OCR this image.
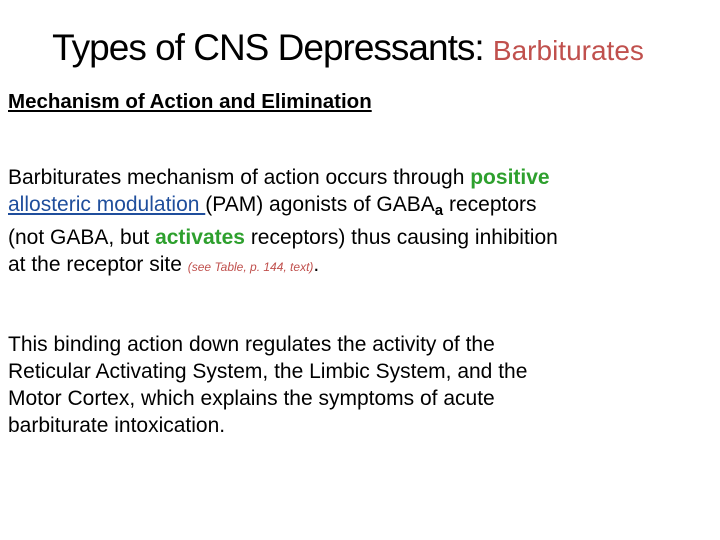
Types of CNS Depressants: Barbiturates
Mechanism of Action and Elimination
Barbiturates mechanism of action occurs through positive
allosteric modulation (PAM) agonists of $GABA_a$ receptors
(not GABA, but activates receptors) thus causing inhibition
at the receptor site (see Table, p. 144, text).
This binding action down regulates the activity of the
Reticular Activating System, the Limbic System, and the
Motor Cortex, which explains the symptoms of acute
barbiturate intoxication.
